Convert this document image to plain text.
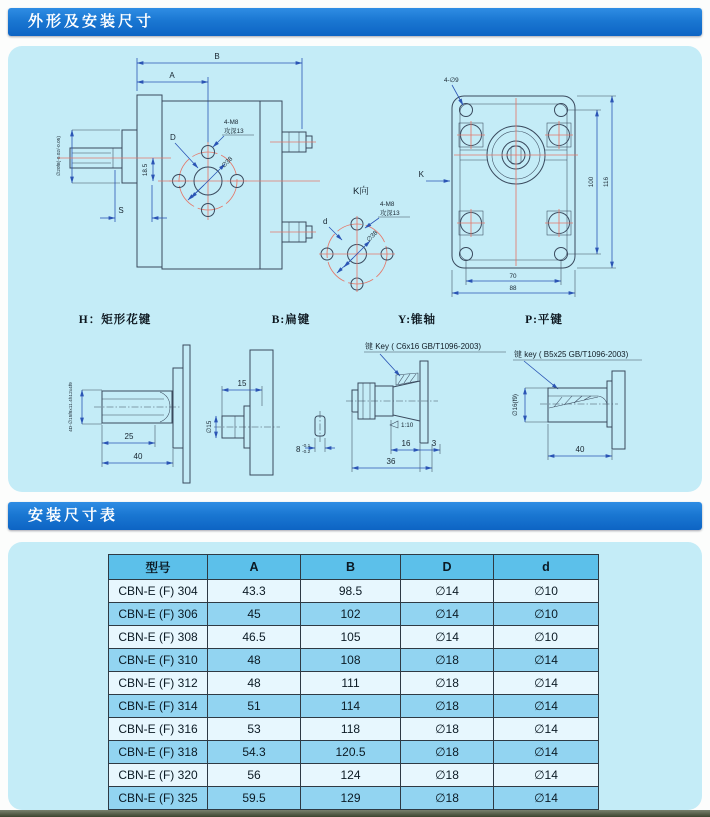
外形及安装尺寸
B
A
∅20f8(-0.02/-0.05)
S
∅38
D
4-M8
攻深13
18.5	K
4-∅9
100 116
70
88
K向
∅38
d
4-M8
攻深13
H：矩形花键	B:扁键	Y:锥轴	P:平键
4D-∅15f9x11.4h12x4f9
25
40
15
∅15
8 -0.1
-0.2
键 Key ( C6x16 GB/T1096-2003)
1:10
16	3
36
键 key ( B5x25 GB/T1096-2003)
∅16(f9)
40
安装尺寸表
型号	A	B	D	d
CBN-E (F) 304	43.3	98.5	∅14	∅10
CBN-E (F) 306	45	102	∅14	∅10
CBN-E (F) 308	46.5	105	∅14	∅10
CBN-E (F) 310	48	108	∅18	∅14
CBN-E (F) 312	48	111	∅18	∅14
CBN-E (F) 314	51	114	∅18	∅14
CBN-E (F) 316	53	118	∅18	∅14
CBN-E (F) 318	54.3	120.5	∅18	∅14
CBN-E (F) 320	56	124	∅18	∅14
CBN-E (F) 325	59.5	129	∅18	∅14
